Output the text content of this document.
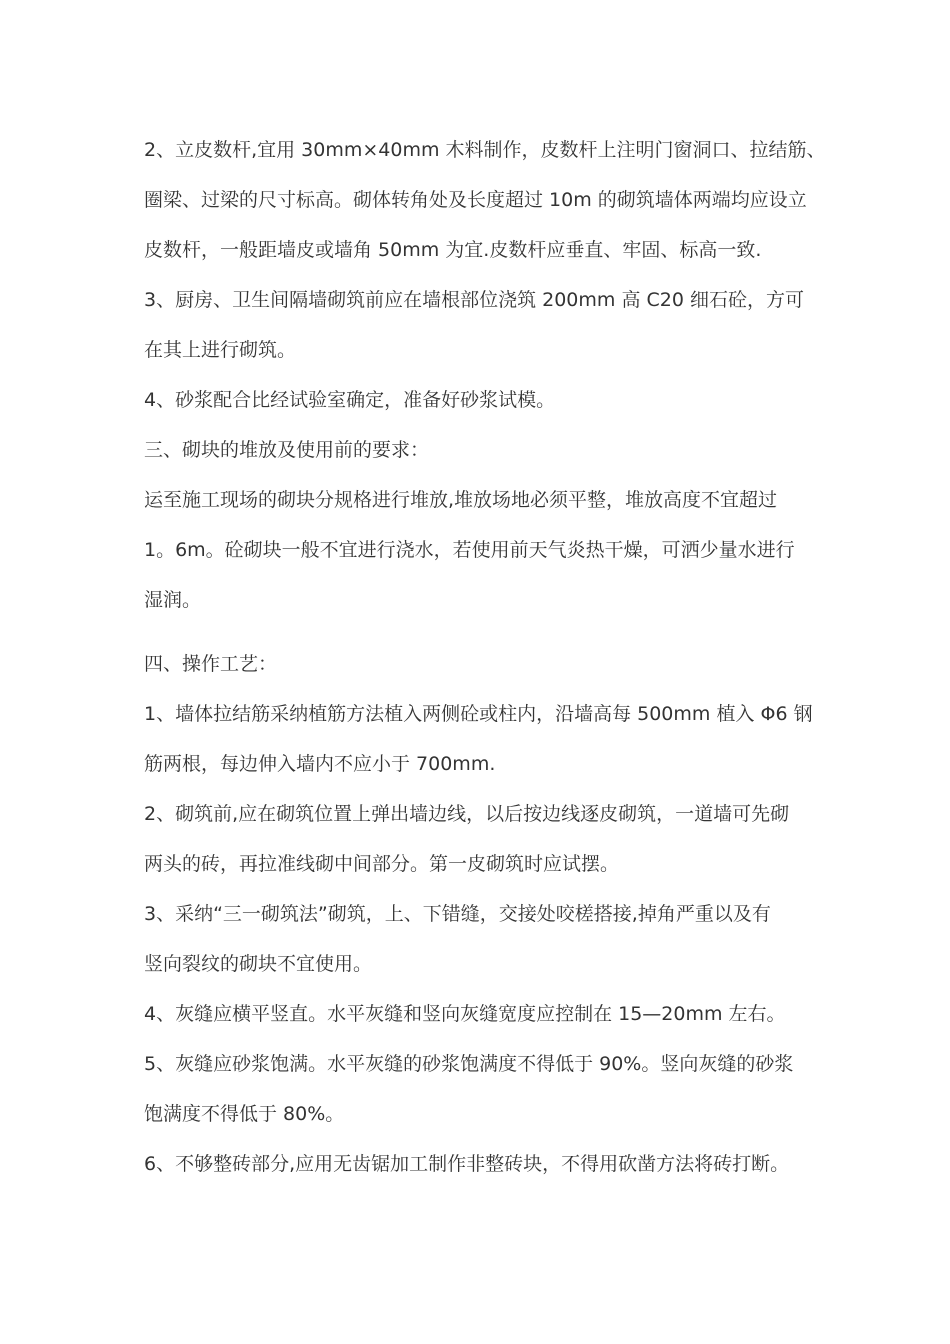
2、立皮数杆,宜用 30mm×40mm 木料制作，皮数杆上注明门窗洞口、拉结筋、
圈梁、过梁的尺寸标高。砌体转角处及长度超过 10m 的砌筑墙体两端均应设立
皮数杆，一般距墙皮或墙角 50mm 为宜.皮数杆应垂直、牢固、标高一致.
3、厨房、卫生间隔墙砌筑前应在墙根部位浇筑 200mm 高 C20 细石砼，方可
在其上进行砌筑。
4、砂浆配合比经试验室确定，准备好砂浆试模。
三、砌块的堆放及使用前的要求：
运至施工现场的砌块分规格进行堆放,堆放场地必须平整，堆放高度不宜超过
1。6m。砼砌块一般不宜进行浇水，若使用前天气炎热干燥，可洒少量水进行
湿润。
四、操作工艺：
1、墙体拉结筋采纳植筋方法植入两侧砼或柱内，沿墙高每 500mm 植入 Φ6 钢
筋两根，每边伸入墙内不应小于 700mm.
2、砌筑前,应在砌筑位置上弹出墙边线，以后按边线逐皮砌筑，一道墙可先砌
两头的砖，再拉准线砌中间部分。第一皮砌筑时应试摆。
3、采纳“三一砌筑法”砌筑，上、下错缝，交接处咬槎搭接,掉角严重以及有
竖向裂纹的砌块不宜使用。
4、灰缝应横平竖直。水平灰缝和竖向灰缝宽度应控制在 15—20mm 左右。
5、灰缝应砂浆饱满。水平灰缝的砂浆饱满度不得低于 90%。竖向灰缝的砂浆
饱满度不得低于 80%。
6、不够整砖部分,应用无齿锯加工制作非整砖块，不得用砍凿方法将砖打断。
